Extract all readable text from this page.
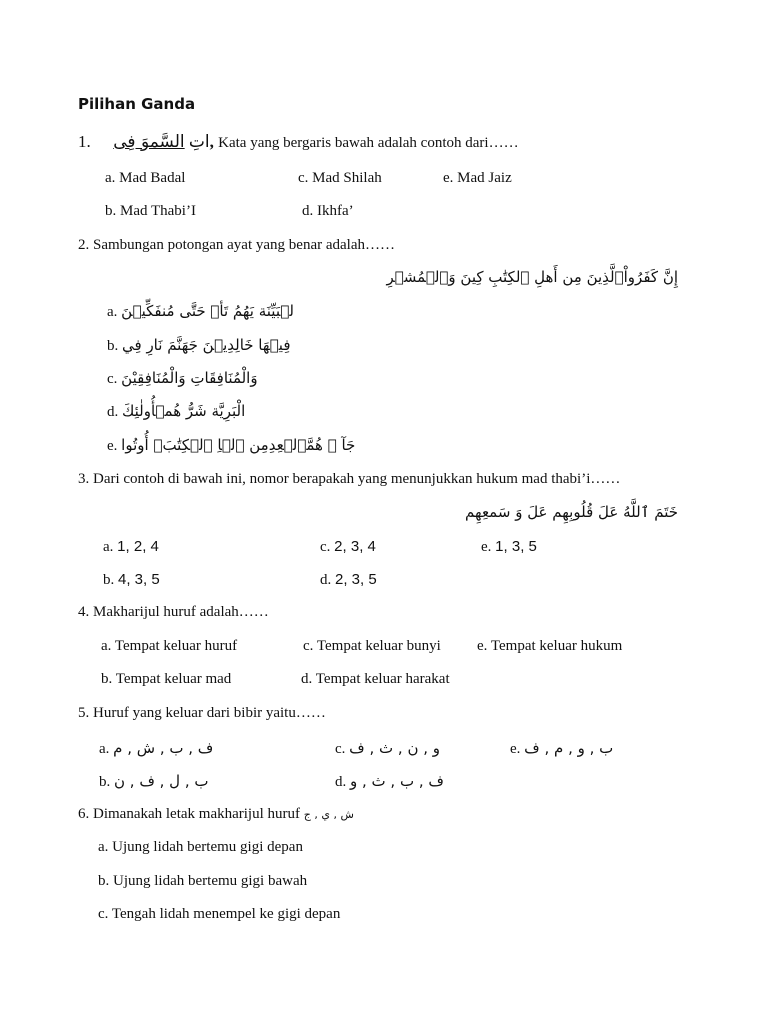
Pilihan Ganda
1. السَّموَ فِى اتِ, Kata yang bergaris bawah adalah contoh dari……
a. Mad Badal	c. Mad Shilah	e. Mad Jaiz
b. Mad Thabi’I	d. Ikhfa’
2. Sambungan potongan ayat yang benar adalah……
إِنَّ كَفَرُواْٱلَّذِينَ مِن أَهلِ ٱلكِتَٰبِ كِينَ وَٱلۡمُشۡرِ
a. لۡبَيِّنَة يَهُمُ تَأۡ حَتَّى مُنفَكِّيۡنَ
b. فِيۡهَا خَالِدِيۡنَ جَهَنَّمَ نَارِ فِي
c. وَالْمُنَافِقَاتِ وَالْمُنَافِقِيْنَ
d. الْبَرِيَّة شَرُّ هُمۡأُولٰئِكَ
e. جَآ ۚ هُمَّٱلۡعِدِمِن ٱلۡاِ ٱلۡكِتَٰبَۚ أُوتُوا
3. Dari contoh di bawah ini, nomor berapakah yang menunjukkan hukum mad thabi’i……
خَتَمَ ٱللَّهُ عَلَ قُلُوبِهِم عَلَ وَ سَمعِهِم
a. 1, 2, 4	c. 2, 3, 4	e. 1, 3, 5
b. 4, 3, 5	d. 2, 3, 5
4. Makharijul huruf adalah……
a. Tempat keluar huruf	c. Tempat keluar bunyi e. Tempat keluar hukum
b. Tempat keluar mad	d. Tempat keluar harakat
5. Huruf yang keluar dari bibir yaitu……
a. ف , ب , ش , م	c. و , ن , ث , ف	e. ب , و , م , ف
b. ب , ل , ف , ن	d. ف , ب , ث , و
6. Dimanakah letak makharijul huruf ش , ي , ج
a. Ujung lidah bertemu gigi depan
b. Ujung lidah bertemu gigi bawah
c. Tengah lidah menempel ke gigi depan
